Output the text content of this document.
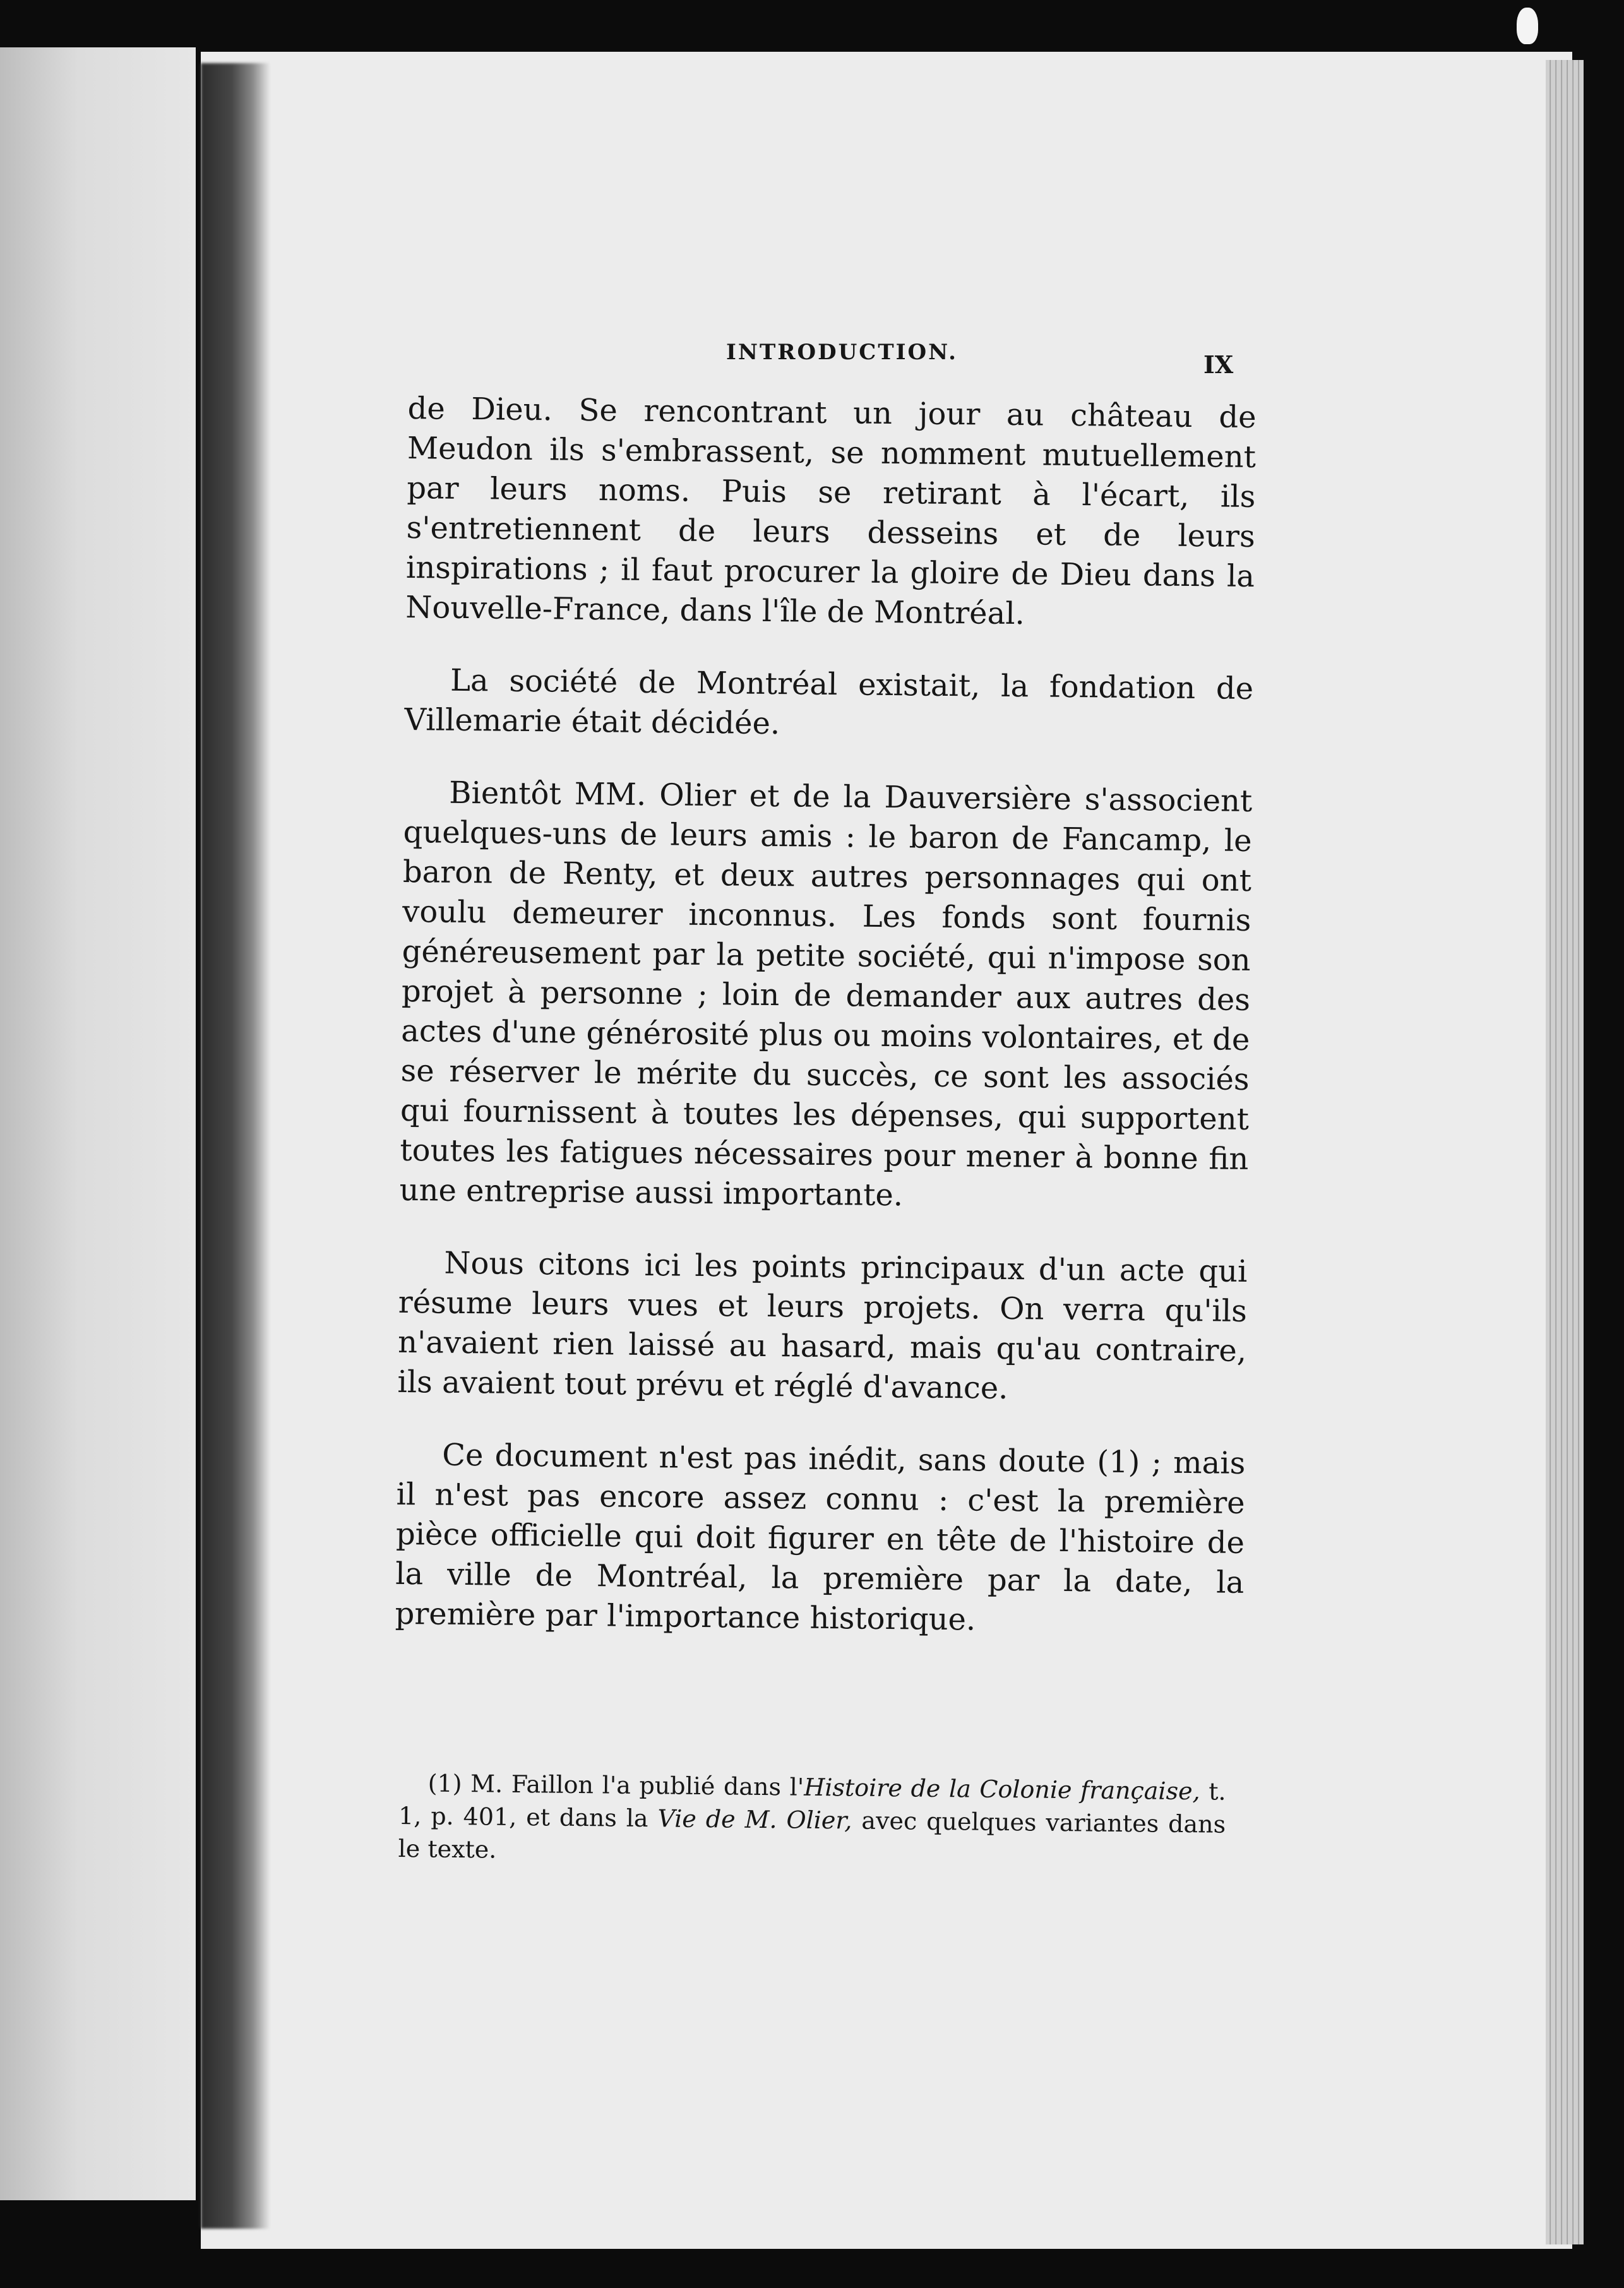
INTRODUCTION.	IX

de Dieu. Se rencontrant un jour au château de Meudon ils s'embrassent, se nomment mutuellement par leurs noms. Puis se retirant à l'écart, ils s'entretiennent de leurs desseins et de leurs inspirations ; il faut procurer la gloire de Dieu dans la Nouvelle-France, dans l'île de Montréal.

La société de Montréal existait, la fondation de Villemarie était décidée.

Bientôt MM. Olier et de la Dauversière s'associent quelques-uns de leurs amis : le baron de Fancamp, le baron de Renty, et deux autres personnages qui ont voulu demeurer inconnus. Les fonds sont fournis généreusement par la petite société, qui n'impose son projet à personne ; loin de demander aux autres des actes d'une générosité plus ou moins volontaires, et de se réserver le mérite du succès, ce sont les associés qui fournissent à toutes les dépenses, qui supportent toutes les fatigues nécessaires pour mener à bonne fin une entreprise aussi importante.

Nous citons ici les points principaux d'un acte qui résume leurs vues et leurs projets. On verra qu'ils n'avaient rien laissé au hasard, mais qu'au contraire, ils avaient tout prévu et réglé d'avance.

Ce document n'est pas inédit, sans doute (1) ; mais il n'est pas encore assez connu : c'est la première pièce officielle qui doit figurer en tête de l'histoire de la ville de Montréal, la première par la date, la première par l'importance historique.

(1) M. Faillon l'a publié dans l'Histoire de la Colonie française, t. 1, p. 401, et dans la Vie de M. Olier, avec quelques variantes dans le texte.
